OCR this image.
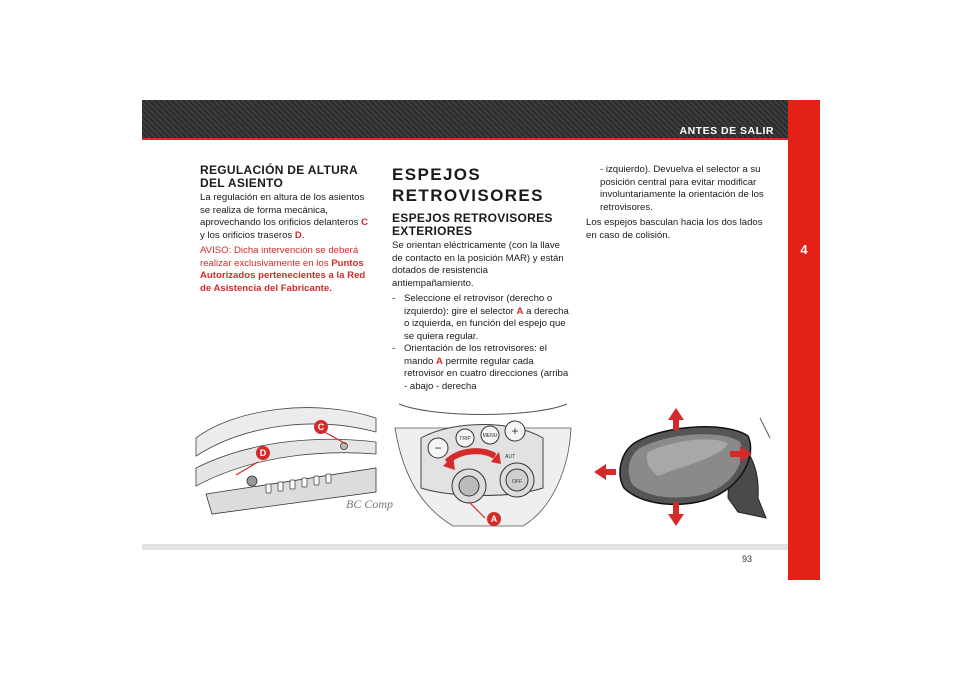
ANTES DE SALIR
4
REGULACIÓN DE ALTURA DEL ASIENTO

La regulación en altura de los asientos se realiza de forma mecánica, aprovechando los orificios delanteros C y los orificios traseros D.

AVISO: Dicha intervención se deberá realizar exclusivamente en los Puntos Autorizados pertenecientes a la Red de Asistencia del Fabricante.

ESPEJOS RETROVISORES
ESPEJOS RETROVISORES EXTERIORES

Se orientan eléctricamente (con la llave de contacto en la posición MAR) y están dotados de resistencia antiempañamiento.

- Seleccione el retrovisor (derecho o izquierdo): gire el selector A a derecha o izquierda, en función del espejo que se quiera regular.
- Orientación de los retrovisores: el mando A permite regular cada retrovisor en cuatro direcciones (arriba - abajo - derecha

- izquierdo). Devuelva el selector a su posición central para evitar modificar involuntariamente la orientación de los retrovisores.

Los espejos basculan hacia los dos lados en caso de colisión.

BC Comp
C
D	−
+
TRIP MENU
AUT
OFF
A
93
